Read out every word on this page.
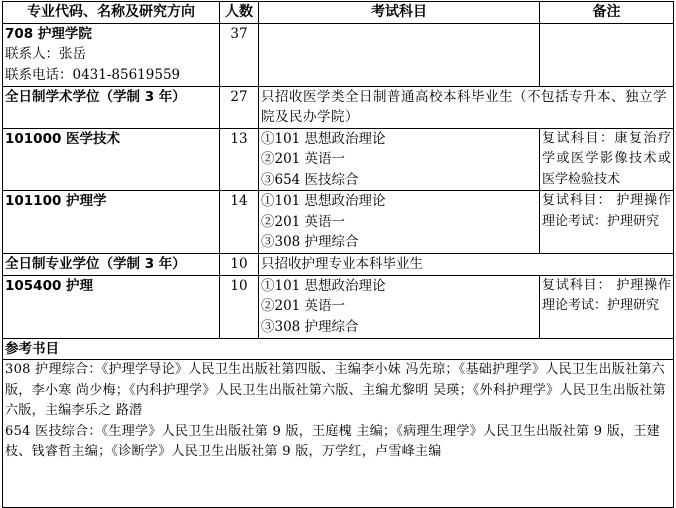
专业代码、名称及研究方向	人数	考试科目	备注

708 护理学院
联系人：张岳
联系电话：0431-85619559	37		
全日制学术学位（学制 3 年）	27	只招收医学类全日制普通高校本科毕业生（不包括专升本、独立学院及民办学院）	
101000 医学技术	13	①101 思想政治理论
②201 英语一
③654 医技综合	复试科目：康复治疗学或医学影像技术或医学检验技术
101100 护理学	14	①101 思想政治理论
②201 英语一
③308 护理综合	复试科目： 护理操作 理论考试：护理研究
全日制专业学位（学制 3 年）	10	只招收护理专业本科毕业生	
105400 护理	10	①101 思想政治理论
②201 英语一
③308 护理综合	复试科目： 护理操作 理论考试：护理研究
参考书目			

308 护理综合：《护理学导论》人民卫生出版社第四版、主编李小妹 冯先琼；《基础护理学》人民卫生出版社第六版，李小寒 尚少梅；《内科护理学》人民卫生出版社第六版、主编尤黎明 吴瑛；《外科护理学》人民卫生出版社第六版，主编李乐之 路潜
654 医技综合：《生理学》人民卫生出版社第 9 版，王庭槐 主编；《病理生理学》人民卫生出版社第 9 版，王建枝、钱睿哲主编；《诊断学》人民卫生出版社第 9 版，万学红，卢雪峰主编			
